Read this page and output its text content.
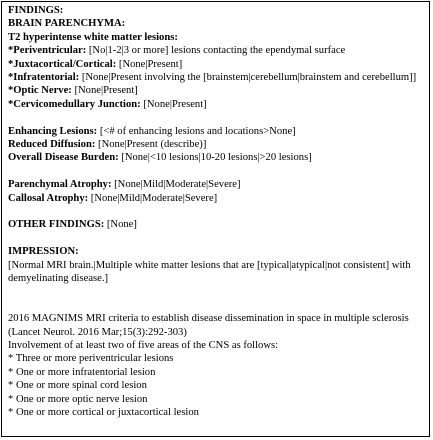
FINDINGS:
BRAIN PARENCHYMA:
T2 hyperintense white matter lesions:
*Periventricular: [No|1-2|3 or more] lesions contacting the ependymal surface
*Juxtacortical/Cortical: [None|Present]
*Infratentorial: [None|Present involving the [brainstem|cerebellum|brainstem and cerebellum]]
*Optic Nerve: [None|Present]
*Cervicomedullary Junction: [None|Present]
Enhancing Lesions: [<# of enhancing lesions and locations>None]
Reduced Diffusion: [None|Present (describe)]
Overall Disease Burden: [None|<10 lesions|10-20 lesions|>20 lesions]
Parenchymal Atrophy: [None|Mild|Moderate|Severe]
Callosal Atrophy: [None|Mild|Moderate|Severe]
OTHER FINDINGS: [None]
IMPRESSION:
[Normal MRI brain.|Multiple white matter lesions that are [typical|atypical|not consistent] with demyelinating disease.]
2016 MAGNIMS MRI criteria to establish disease dissemination in space in multiple sclerosis (Lancet Neurol. 2016 Mar;15(3):292-303)
Involvement of at least two of five areas of the CNS as follows:
* Three or more periventricular lesions
* One or more infratentorial lesion
* One or more spinal cord lesion
* One or more optic nerve lesion
* One or more cortical or juxtacortical lesion
